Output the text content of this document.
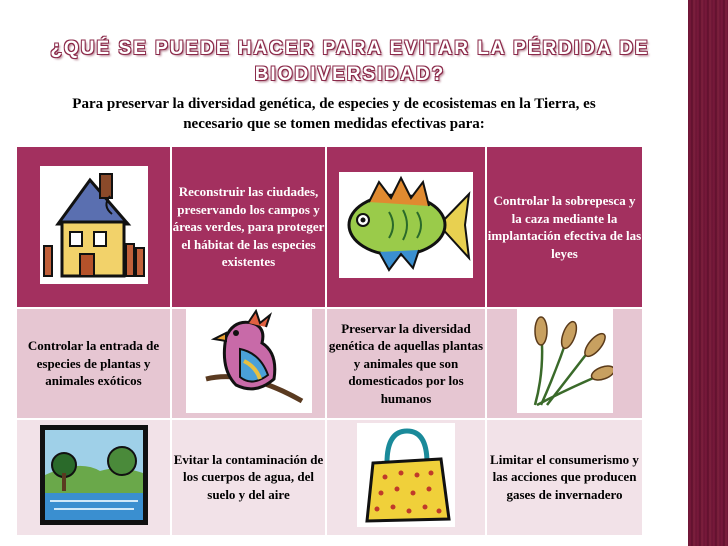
¿QUÉ SE PUEDE HACER PARA EVITAR LA PÉRDIDA DE BIODIVERSIDAD?
Para preservar la diversidad genética, de especies y de ecosistemas en la Tierra, es necesario que se tomen medidas efectivas para:
	Reconstruir las ciudades, preservando los campos y áreas verdes, para proteger el hábitat de las especies existentes		Controlar la sobrepesca y la caza mediante la implantación efectiva de las leyes
Controlar la entrada de especies de plantas y animales exóticos		Preservar la diversidad genética de aquellas plantas y animales que son domesticados por los humanos	

	Evitar la contaminación de los cuerpos de agua, del suelo y del aire		Limitar el consumerismo y las acciones que producen gases de invernadero
